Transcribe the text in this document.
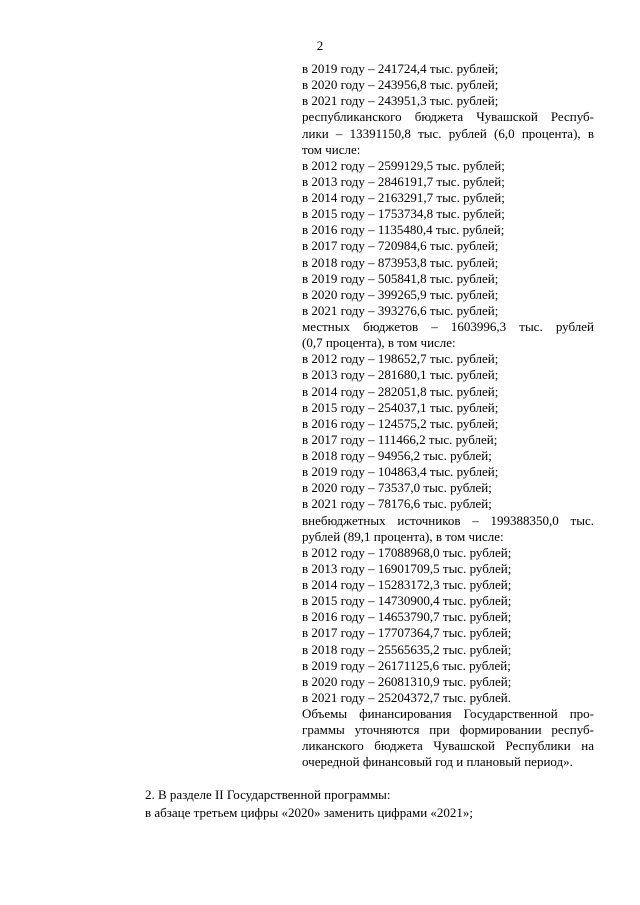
2
в 2019 году – 241724,4 тыс. рублей;
в 2020 году – 243956,8 тыс. рублей;
в 2021 году – 243951,3 тыс. рублей;
республиканского бюджета Чувашской Респуб-
лики – 13391150,8 тыс. рублей (6,0 процента), в
том числе:
в 2012 году – 2599129,5 тыс. рублей;
в 2013 году – 2846191,7 тыс. рублей;
в 2014 году – 2163291,7 тыс. рублей;
в 2015 году – 1753734,8 тыс. рублей;
в 2016 году – 1135480,4 тыс. рублей;
в 2017 году – 720984,6 тыс. рублей;
в 2018 году – 873953,8 тыс. рублей;
в 2019 году – 505841,8 тыс. рублей;
в 2020 году – 399265,9 тыс. рублей;
в 2021 году – 393276,6 тыс. рублей;
местных бюджетов – 1603996,3 тыс. рублей
(0,7 процента), в том числе:
в 2012 году – 198652,7 тыс. рублей;
в 2013 году – 281680,1 тыс. рублей;
в 2014 году – 282051,8 тыс. рублей;
в 2015 году – 254037,1 тыс. рублей;
в 2016 году – 124575,2 тыс. рублей;
в 2017 году – 111466,2 тыс. рублей;
в 2018 году – 94956,2 тыс. рублей;
в 2019 году – 104863,4 тыс. рублей;
в 2020 году – 73537,0 тыс. рублей;
в 2021 году – 78176,6 тыс. рублей;
внебюджетных источников – 199388350,0 тыс.
рублей (89,1 процента), в том числе:
в 2012 году – 17088968,0 тыс. рублей;
в 2013 году – 16901709,5 тыс. рублей;
в 2014 году – 15283172,3 тыс. рублей;
в 2015 году – 14730900,4 тыс. рублей;
в 2016 году – 14653790,7 тыс. рублей;
в 2017 году – 17707364,7 тыс. рублей;
в 2018 году – 25565635,2 тыс. рублей;
в 2019 году – 26171125,6 тыс. рублей;
в 2020 году – 26081310,9 тыс. рублей;
в 2021 году – 25204372,7 тыс. рублей.
Объемы финансирования Государственной про-
граммы уточняются при формировании респуб-
ликанского бюджета Чувашской Республики на
очередной финансовый год и плановый период».
2. В разделе II Государственной программы:
в абзаце третьем цифры «2020» заменить цифрами «2021»;
